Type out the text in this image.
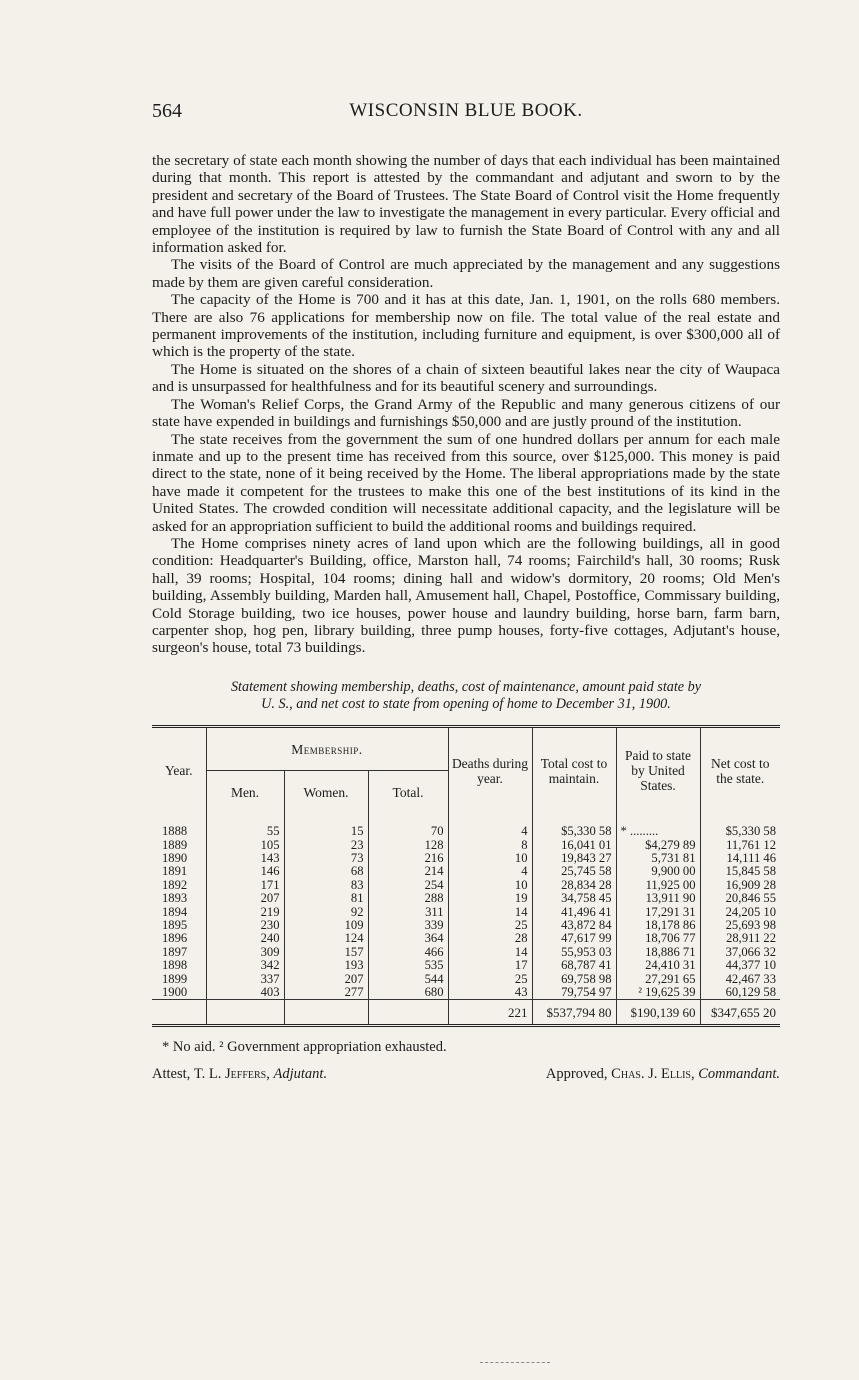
564	WISCONSIN BLUE BOOK.

the secretary of state each month showing the number of days that each individual has been maintained during that month. This report is attested by the commandant and adjutant and sworn to by the president and secretary of the Board of Trustees. The State Board of Control visit the Home frequently and have full power under the law to investigate the management in every particular. Every official and employee of the institution is required by law to furnish the State Board of Control with any and all information asked for.

The visits of the Board of Control are much appreciated by the management and any suggestions made by them are given careful consideration.

The capacity of the Home is 700 and it has at this date, Jan. 1, 1901, on the rolls 680 members. There are also 76 applications for membership now on file. The total value of the real estate and permanent improvements of the institution, including furniture and equipment, is over $300,000 all of which is the property of the state.

The Home is situated on the shores of a chain of sixteen beautiful lakes near the city of Waupaca and is unsurpassed for healthfulness and for its beautiful scenery and surroundings.

The Woman's Relief Corps, the Grand Army of the Republic and many generous citizens of our state have expended in buildings and furnishings $50,000 and are justly pround of the institution.

The state receives from the government the sum of one hundred dollars per annum for each male inmate and up to the present time has received from this source, over $125,000. This money is paid direct to the state, none of it being received by the Home. The liberal appropriations made by the state have made it competent for the trustees to make this one of the best institutions of its kind in the United States. The crowded condition will necessitate additional capacity, and the legislature will be asked for an appropriation sufficient to build the additional rooms and buildings required.

The Home comprises ninety acres of land upon which are the following buildings, all in good condition: Headquarter's Building, office, Marston hall, 74 rooms; Fairchild's hall, 30 rooms; Rusk hall, 39 rooms; Hospital, 104 rooms; dining hall and widow's dormitory, 20 rooms; Old Men's building, Assembly building, Marden hall, Amusement hall, Chapel, Postoffice, Commissary building, Cold Storage building, two ice houses, power house and laundry building, horse barn, farm barn, carpenter shop, hog pen, library building, three pump houses, forty-five cottages, Adjutant's house, surgeon's house, total 73 buildings.

Statement showing membership, deaths, cost of maintenance, amount paid state by
U. S., and net cost to state from opening of home to December 31, 1900.
Year.	Membership.			Deaths during year.	Total cost to maintain.	Paid to state by United States.	Net cost to the state.
	Men.	Women.	Total.				

1888	55	15	70	4	$5,330 58	* .........	$5,330 58
1889	105	23	128	8	16,041 01	$4,279 89	11,761 12
1890	143	73	216	10	19,843 27	5,731 81	14,111 46
1891	146	68	214	4	25,745 58	9,900 00	15,845 58
1892	171	83	254	10	28,834 28	11,925 00	16,909 28
1893	207	81	288	19	34,758 45	13,911 90	20,846 55
1894	219	92	311	14	41,496 41	17,291 31	24,205 10
1895	230	109	339	25	43,872 84	18,178 86	25,693 98
1896	240	124	364	28	47,617 99	18,706 77	28,911 22
1897	309	157	466	14	55,953 03	18,886 71	37,066 32
1898	342	193	535	17	68,787 41	24,410 31	44,377 10
1899	337	207	544	25	69,758 98	27,291 65	42,467 33
1900	403	277	680	43	79,754 97	² 19,625 39	60,129 58
				221	$537,794 80	$190,139 60	$347,655 20
* No aid. ² Government appropriation exhausted.
Attest, T. L. Jeffers, Adjutant.	Approved, Chas. J. Ellis, Commandant.
